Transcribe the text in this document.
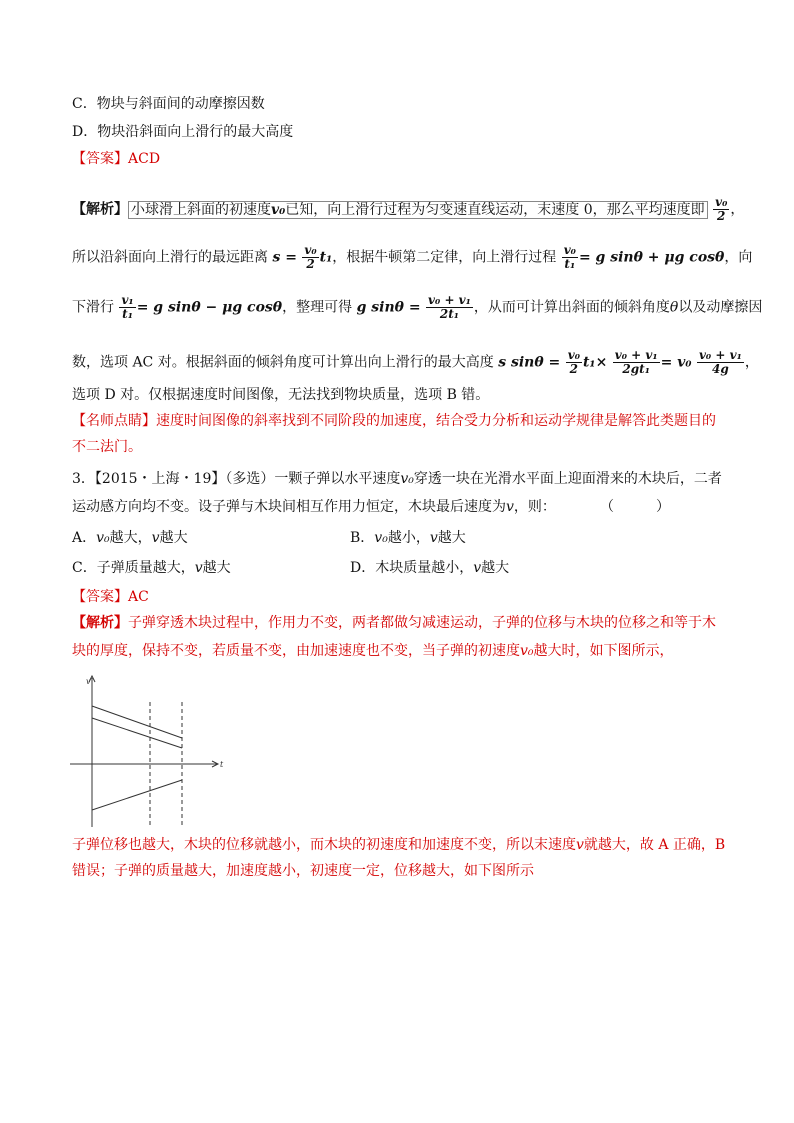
C．物块与斜面间的动摩擦因数
D．物块沿斜面向上滑行的最大高度
【答案】ACD
【解析】 小球滑上斜面的初速度v₀已知，向上滑行过程为匀变速直线运动，末速度 0，那么平均速度即 $\frac{\text{v₀}}{2}$ ，
所以沿斜面向上滑行的最远距离 $s = \frac{\text{v₀}}{2} t_1$，根据牛顿第二定律，向上滑行过程 $\frac{\text{v₀}}{\text{t₁}} = g$ sinθ + μg cosθ，向
下滑行 $\frac{\text{v₁}}{\text{t₁}} = g$ sinθ − μg cosθ，整理可得 g $\sin\theta = \frac{\text{v₀ + v₁}}{\text{2t₁}}$ ，从而可计算出斜面的倾斜角度θ以及动摩擦因
数，选项 AC 对。根据斜面的倾斜角度可计算出向上滑行的最大高度 s $\sin\theta = \frac{\text{v₀}}{2} t_1\times \frac{\text{v₀ + v₁}}{\text{2gt₁}} = v_0 \frac{\text{v₀ + v₁}}{4g}$ ，
选项 D 对。仅根据速度时间图像，无法找到物块质量，选项 B 错。
【名师点睛】速度时间图像的斜率找到不同阶段的加速度，结合受力分析和运动学规律是解答此类题目的
不二法门。
3．【2015・上海・19】（多选）一颗子弹以水平速度v₀穿透一块在光滑水平面上迎面滑来的木块后，二者
运动感方向均不变。设子弹与木块间相互作用力恒定，木块最后速度为v，则：	（　　　）
A．v₀越大，v越大	B．v₀越小，v越大
C．子弹质量越大，v越大	D．木块质量越小，v越大
【答案】AC
【解析】子弹穿透木块过程中，作用力不变，两者都做匀减速运动，子弹的位移与木块的位移之和等于木
块的厚度，保持不变，若质量不变，由加速速度也不变，当子弹的初速度v₀越大时，如下图所示，
v
t
子弹位移也越大，木块的位移就越小，而木块的初速度和加速度不变，所以末速度v就越大，故 A 正确，B
错误；子弹的质量越大，加速度越小，初速度一定，位移越大，如下图所示
